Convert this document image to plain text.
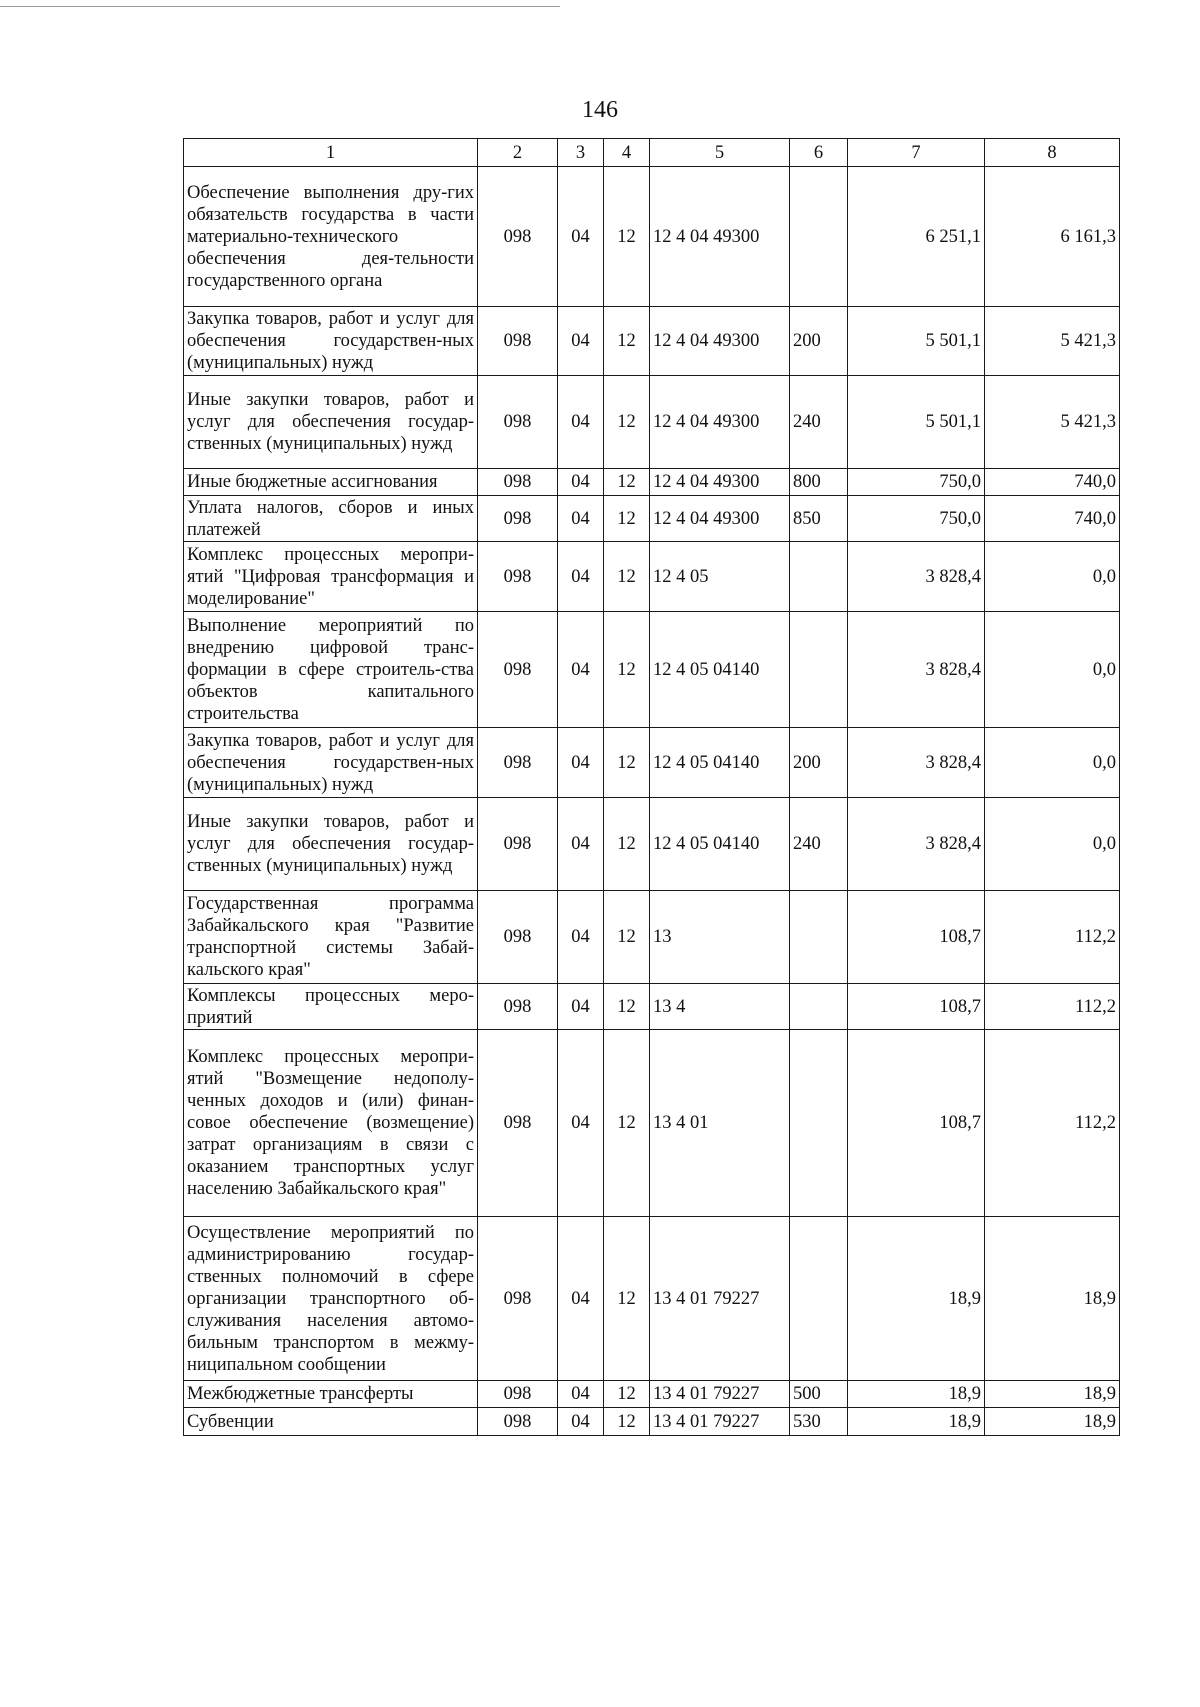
146
1	2	3	4	5	6	7	8
Обеспечение выполнения дру-гих обязательств государства в части материально-технического обеспечения дея-тельности государственного органа	098	04	12	12 4 04 49300		6 251,1	6 161,3
Закупка товаров, работ и услуг для обеспечения государствен-ных (муниципальных) нужд	098	04	12	12 4 04 49300	200	5 501,1	5 421,3
Иные закупки товаров, работ и услуг для обеспечения государ-ственных (муниципальных) нужд	098	04	12	12 4 04 49300	240	5 501,1	5 421,3
Иные бюджетные ассигнования	098	04	12	12 4 04 49300	800	750,0	740,0
Уплата налогов, сборов и иных платежей	098	04	12	12 4 04 49300	850	750,0	740,0
Комплекс процессных меропри-ятий "Цифровая трансформация и моделирование"	098	04	12	12 4 05		3 828,4	0,0
Выполнение мероприятий по внедрению цифровой транс-формации в сфере строитель-ства объектов капитального строительства	098	04	12	12 4 05 04140		3 828,4	0,0
Закупка товаров, работ и услуг для обеспечения государствен-ных (муниципальных) нужд	098	04	12	12 4 05 04140	200	3 828,4	0,0
Иные закупки товаров, работ и услуг для обеспечения государ-ственных (муниципальных) нужд	098	04	12	12 4 05 04140	240	3 828,4	0,0
Государственная программа Забайкальского края "Развитие транспортной системы Забай-кальского края"	098	04	12	13		108,7	112,2
Комплексы процессных меро-приятий	098	04	12	13 4		108,7	112,2
Комплекс процессных меропри-ятий "Возмещение недополу-ченных доходов и (или) финан-совое обеспечение (возмещение) затрат организациям в связи с оказанием транспортных услуг населению Забайкальского края"	098	04	12	13 4 01		108,7	112,2
Осуществление мероприятий по администрированию государ-ственных полномочий в сфере организации транспортного об-служивания населения автомо-бильным транспортом в межму-ниципальном сообщении	098	04	12	13 4 01 79227		18,9	18,9
Межбюджетные трансферты	098	04	12	13 4 01 79227	500	18,9	18,9
Субвенции	098	04	12	13 4 01 79227	530	18,9	18,9
